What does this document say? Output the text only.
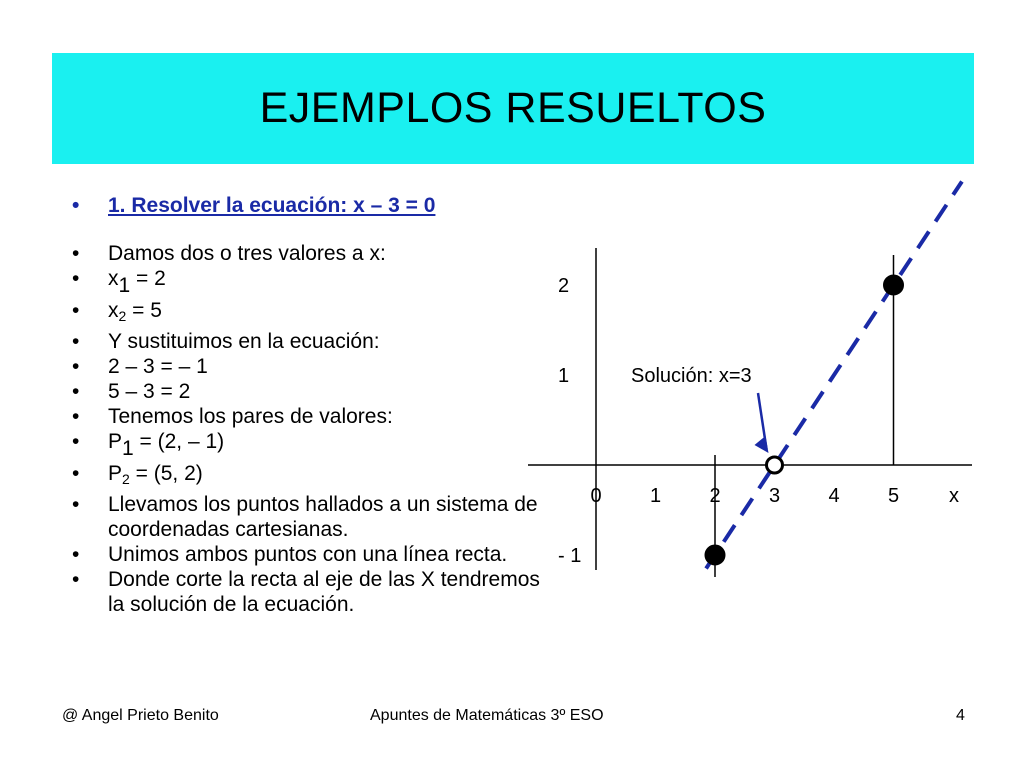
EJEMPLOS RESUELTOS
• 1. Resolver la ecuación: x – 3 = 0
• Damos dos o tres valores a x:
• x1 = 2
• $x_2 = 5$
• Y sustituimos en la ecuación:
• 2 – 3 = – 1
• 5 – 3 = 2
• Tenemos los pares de valores:
• P1 = (2, – 1)
• $P_2 = (5$, 2)
• Llevamos los puntos hallados a un sistema de coordenadas cartesianas.
• Unimos ambos puntos con una línea recta.
• Donde corte la recta al eje de las X tendremos la solución de la ecuación.
0 1 2 3 4 5 x
- 1
1
2
Solución: x=3
@ Angel Prieto Benito	Apuntes de Matemáticas 3º ESO	4
